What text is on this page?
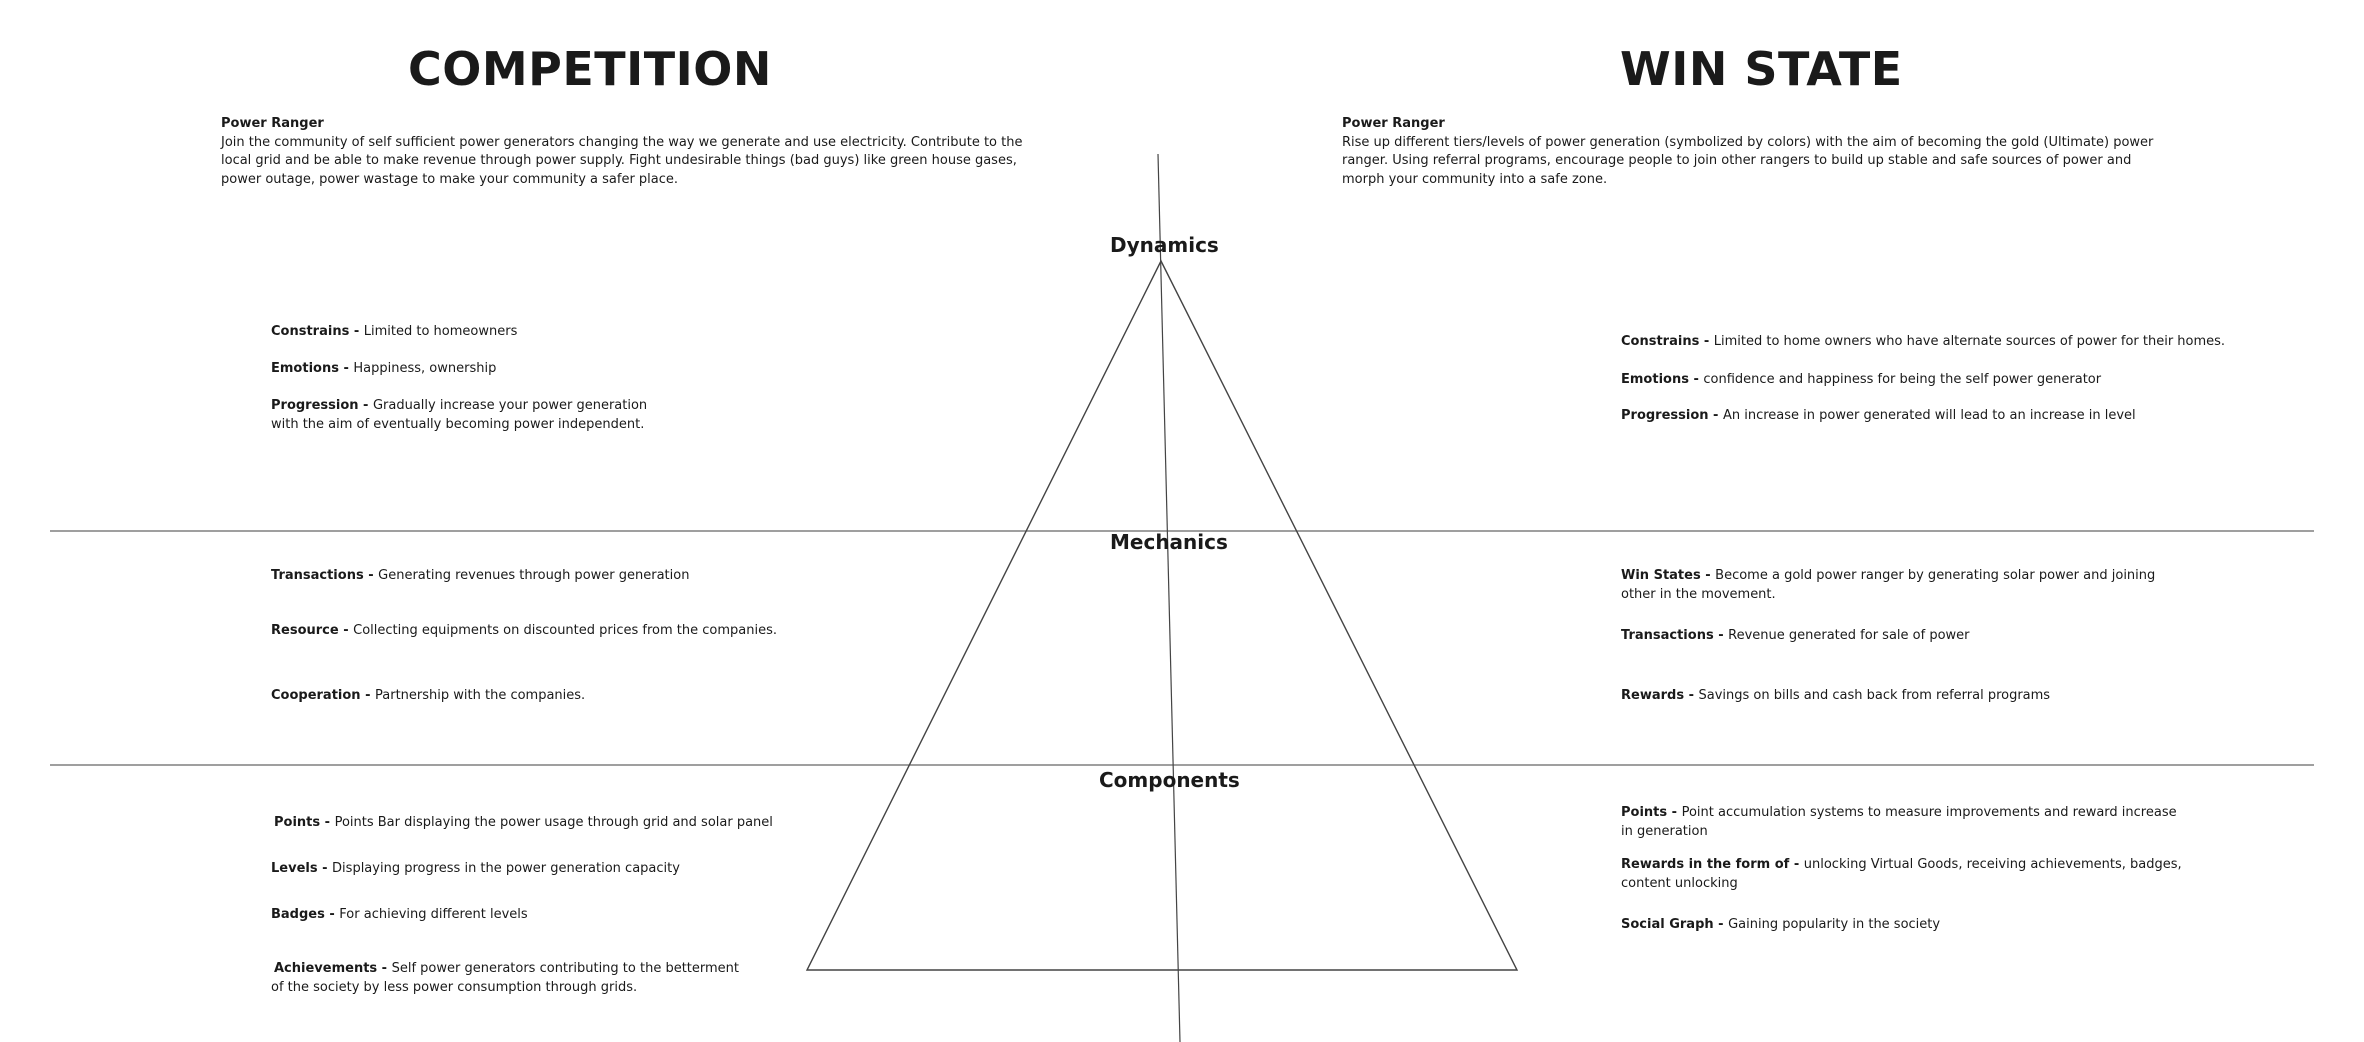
COMPETITION	WIN STATE
Power Ranger
Join the community of self sufficient power generators changing the way we generate and use electricity. Contribute to the local grid and be able to make revenue through power supply. Fight undesirable things (bad guys) like green house gases, power outage, power wastage to make your community a safer place.
Power Ranger
Rise up different tiers/levels of power generation (symbolized by colors) with the aim of becoming the gold (Ultimate) power ranger. Using referral programs, encourage people to join other rangers to build up stable and safe sources of power and morph your community into a safe zone.
Dynamics
Mechanics
Components
Constrains - Limited to homeowners
Emotions - Happiness, ownership
Progression - Gradually increase your power generation with the aim of eventually becoming power independent.
Transactions - Generating revenues through power generation
Resource - Collecting equipments on discounted prices from the companies.
Cooperation - Partnership with the companies.
Points - Points Bar displaying the power usage through grid and solar panel
Levels - Displaying progress in the power generation capacity
Badges - For achieving different levels
Achievements - Self power generators contributing to the betterment of the society by less power consumption through grids.
Constrains - Limited to home owners who have alternate sources of power for their homes.
Emotions - confidence and happiness for being the self power generator
Progression - An increase in power generated will lead to an increase in level
Win States - Become a gold power ranger by generating solar power and joining other in the movement.
Transactions - Revenue generated for sale of power
Rewards - Savings on bills and cash back from referral programs
Points - Point accumulation systems to measure improvements and reward increase in generation
Rewards in the form of - unlocking Virtual Goods, receiving achievements, badges, content unlocking
Social Graph - Gaining popularity in the society
